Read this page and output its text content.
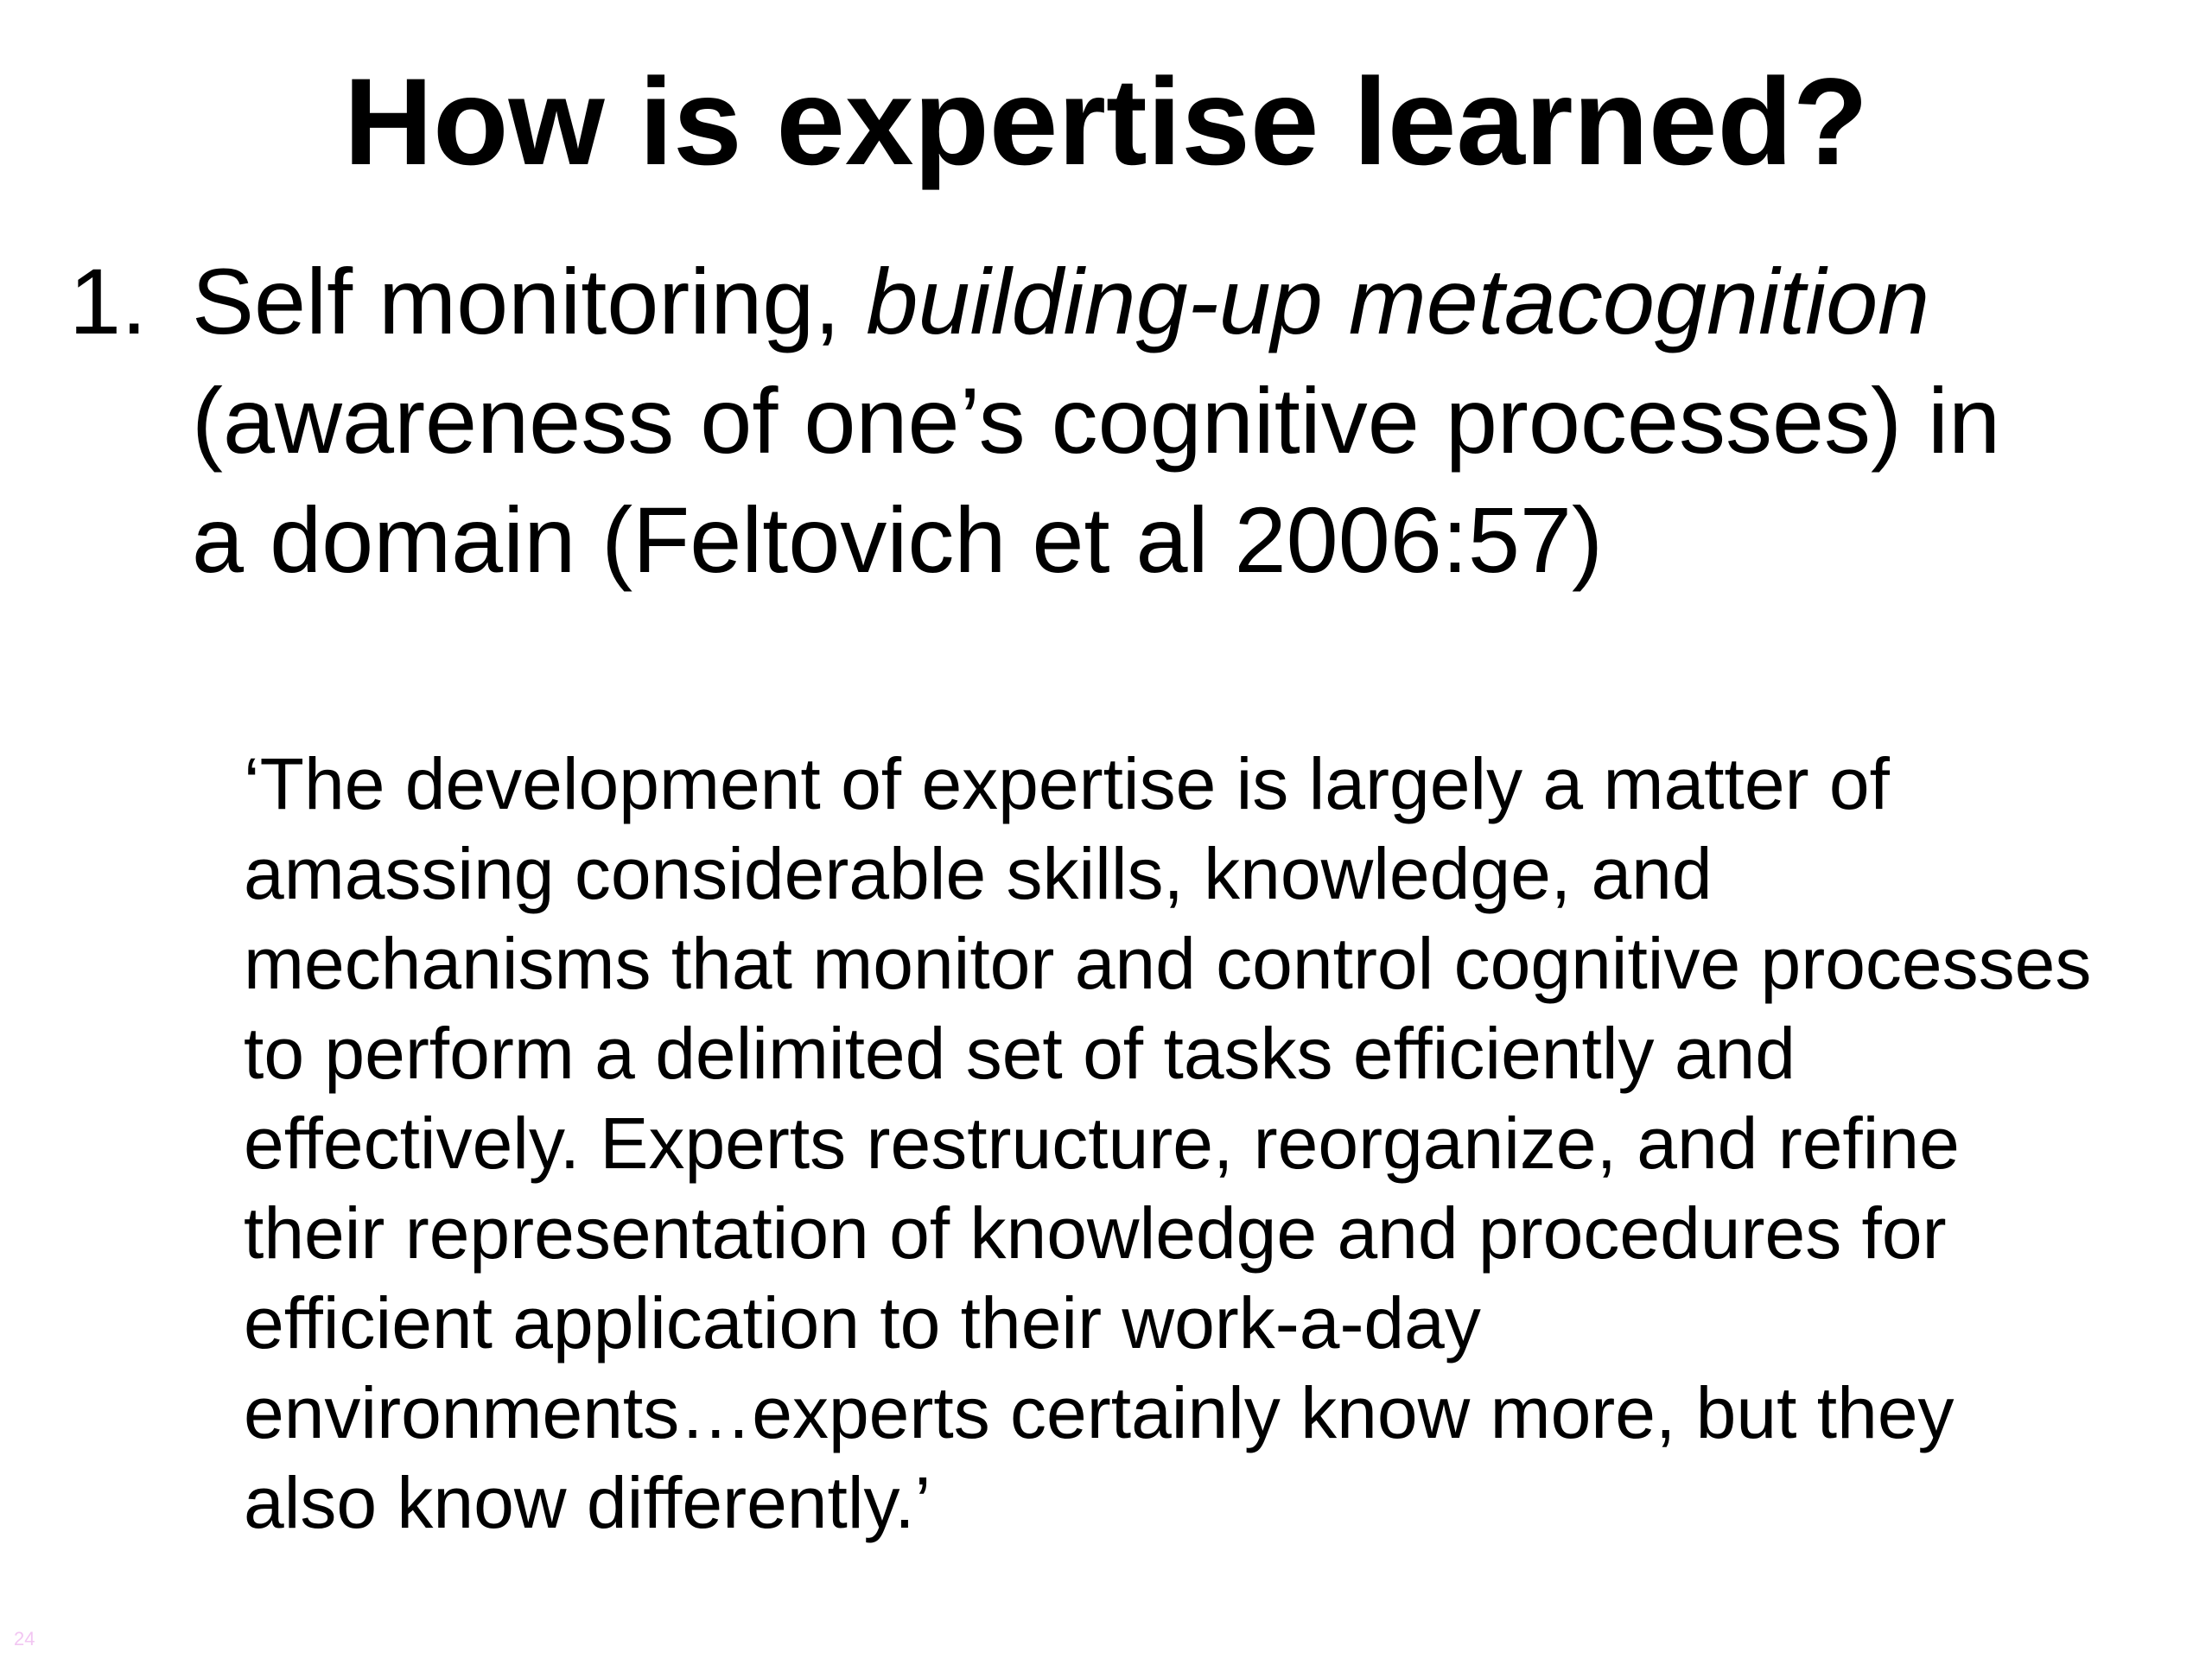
How is expertise learned?
1. Self monitoring, building-up metacognition
(awareness of one’s cognitive processes) in
a domain (Feltovich et al 2006:57)
‘The development of expertise is largely a matter of
amassing considerable skills, knowledge, and
mechanisms that monitor and control cognitive processes
to perform a delimited set of tasks efficiently and
effectively. Experts restructure, reorganize, and refine
their representation of knowledge and procedures for
efficient application to their work-a-day
environments…experts certainly know more, but they
also know differently.’
24
